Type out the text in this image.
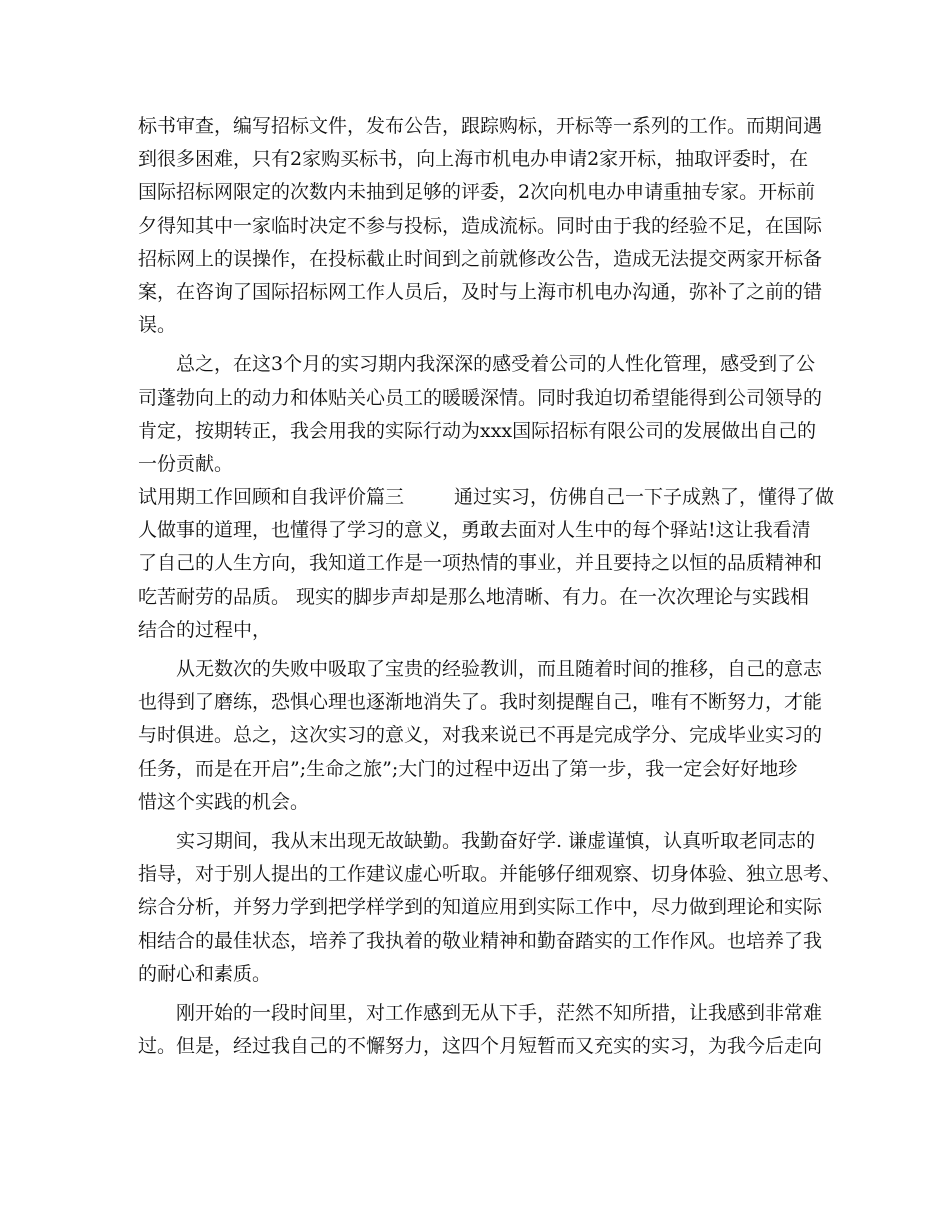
标书审查，编写招标文件，发布公告，跟踪购标，开标等一系列的工作。而期间遇
到很多困难，只有2家购买标书，向上海市机电办申请2家开标，抽取评委时，在
国际招标网限定的次数内未抽到足够的评委，2次向机电办申请重抽专家。开标前
夕得知其中一家临时决定不参与投标，造成流标。同时由于我的经验不足，在国际
招标网上的误操作，在投标截止时间到之前就修改公告，造成无法提交两家开标备
案，在咨询了国际招标网工作人员后，及时与上海市机电办沟通，弥补了之前的错
误。
　　总之，在这3个月的实习期内我深深的感受着公司的人性化管理，感受到了公
司蓬勃向上的动力和体贴关心员工的暖暖深情。同时我迫切希望能得到公司领导的
肯定，按期转正，我会用我的实际行动为xxx国际招标有限公司的发展做出自己的
一份贡献。
试用期工作回顾和自我评价篇三	通过实习，仿佛自己一下子成熟了，懂得了做
人做事的道理，也懂得了学习的意义，勇敢去面对人生中的每个驿站!这让我看清
了自己的人生方向，我知道工作是一项热情的事业，并且要持之以恒的品质精神和
吃苦耐劳的品质。 现实的脚步声却是那么地清晰、有力。在一次次理论与实践相
结合的过程中，
　　从无数次的失败中吸取了宝贵的经验教训，而且随着时间的推移，自己的意志
也得到了磨练，恐惧心理也逐渐地消失了。我时刻提醒自己，唯有不断努力，才能
与时俱进。总之，这次实习的意义，对我来说已不再是完成学分、完成毕业实习的
任务，而是在开启”;生命之旅”;大门的过程中迈出了第一步，我一定会好好地珍
惜这个实践的机会。
　　实习期间，我从末出现无故缺勤。我勤奋好学. 谦虚谨慎，认真听取老同志的
指导，对于别人提出的工作建议虚心听取。并能够仔细观察、切身体验、独立思考、
综合分析，并努力学到把学样学到的知道应用到实际工作中，尽力做到理论和实际
相结合的最佳状态，培养了我执着的敬业精神和勤奋踏实的工作作风。也培养了我
的耐心和素质。
　　刚开始的一段时间里，对工作感到无从下手，茫然不知所措，让我感到非常难
过。但是，经过我自己的不懈努力，这四个月短暂而又充实的实习，为我今后走向
